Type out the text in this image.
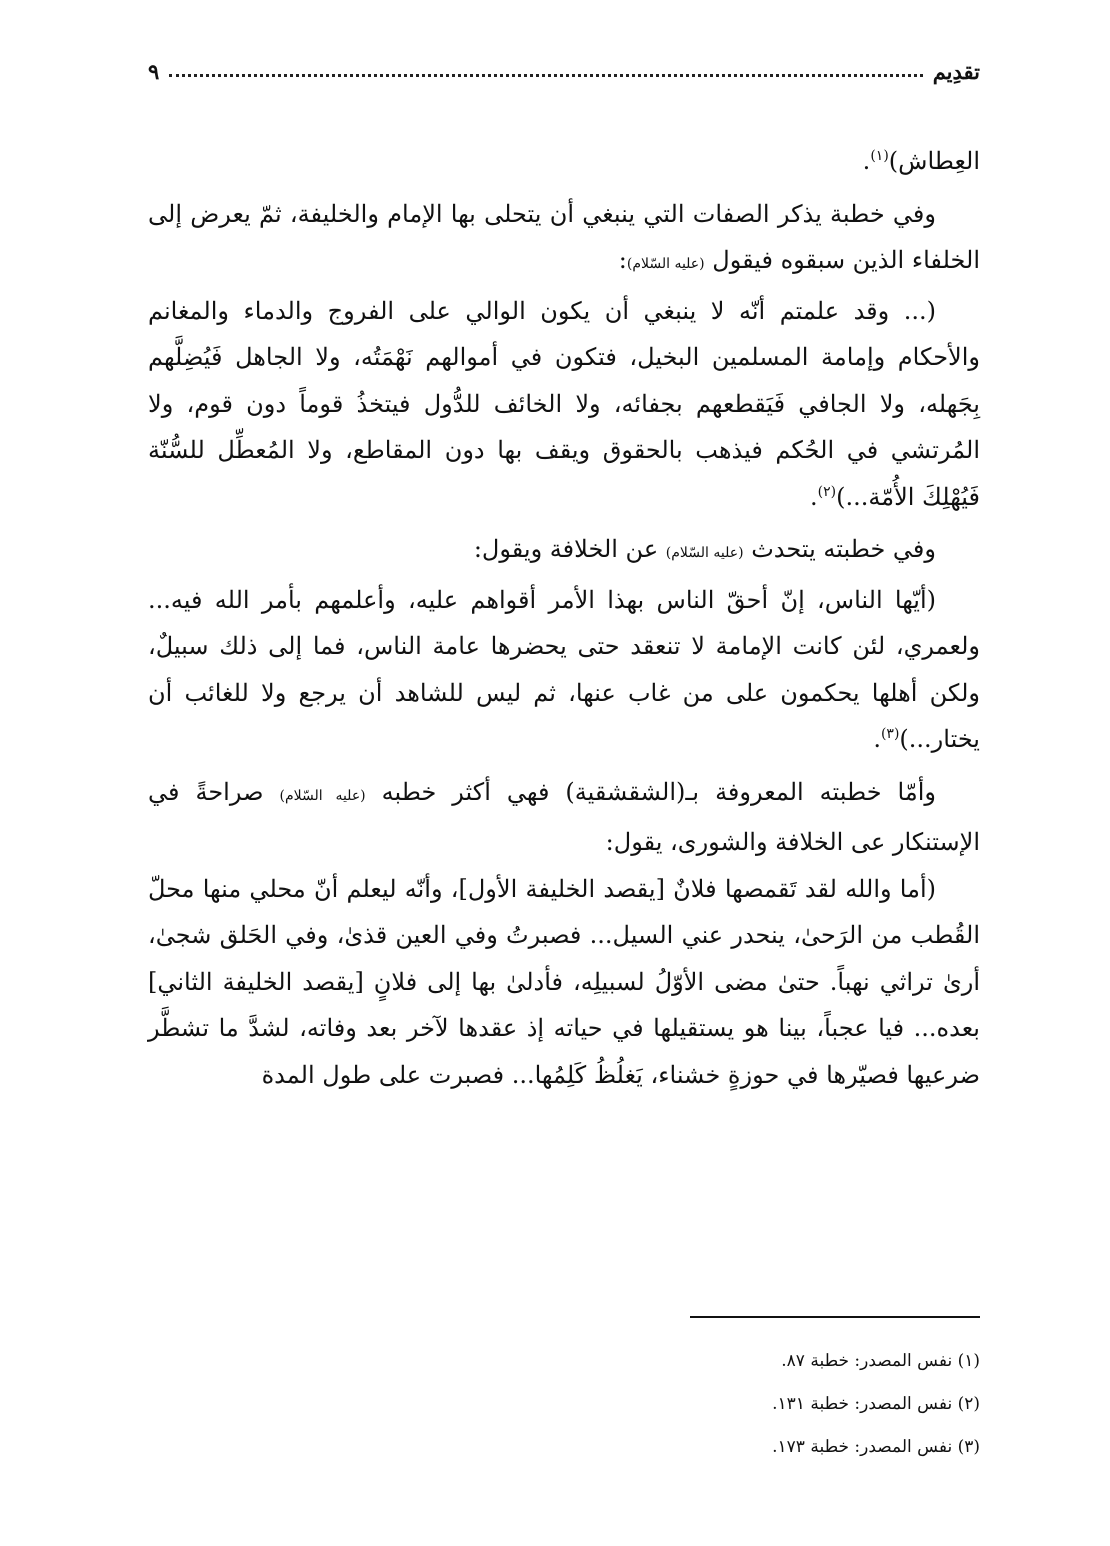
تقدِيم
٩

العِطاش)$^{(١)}$.

وفي خطبة يذكر الصفات التي ينبغي أن يتحلى بها الإمام والخليفة، ثمّ يعرض إلى الخلفاء الذين سبقوه فيقول (عليه السّلام):

(... وقد علمتم أنّه لا ينبغي أن يكون الوالي على الفروج والدماء والمغانم والأحكام وإمامة المسلمين البخيل، فتكون في أموالهم نَهْمَتُه، ولا الجاهل فَيُضِلَّهم بِجَهله، ولا الجافي فَيَقطعهم بجفائه، ولا الخائف للدُّول فيتخذُ قوماً دون قوم، ولا المُرتشي في الحُكم فيذهب بالحقوق ويقف بها دون المقاطع، ولا المُعطِّل للسُّنّة فَيُهْلِكَ الأُمّة...)$^{(٢)}$.

وفي خطبته يتحدث (عليه السّلام) عن الخلافة ويقول:

(أيّها الناس، إنّ أحقّ الناس بهذا الأمر أقواهم عليه، وأعلمهم بأمر الله فيه... ولعمري، لئن كانت الإمامة لا تنعقد حتى يحضرها عامة الناس، فما إلى ذلك سبيلٌ، ولكن أهلها يحكمون على من غاب عنها، ثم ليس للشاهد أن يرجع ولا للغائب أن يختار...)$^{(٣)}$.

وأمّا خطبته المعروفة بـ(الشقشقية) فهي أكثر خطبه (عليه السّلام) صراحةً في الإستنكار عى الخلافة والشورى، يقول:

(أما والله لقد تَقمصها فلانٌ [يقصد الخليفة الأول]، وأنّه ليعلم أنّ محلي منها محلّ القُطب من الرَحىٰ، ينحدر عني السيل... فصبرتُ وفي العين قذىٰ، وفي الحَلق شجىٰ، أرىٰ تراثي نهباً. حتىٰ مضى الأوّلُ لسبيلِه، فأدلىٰ بها إلى فلانٍ [يقصد الخليفة الثاني] بعده... فيا عجباً، بينا هو يستقيلها في حياته إذ عقدها لآخر بعد وفاته، لشدَّ ما تشطَّر ضرعيها فصيّرها في حوزةٍ خشناء، يَغلُظُ كَلِمُها... فصبرت على طول المدة

(١) نفس المصدر: خطبة ٨٧.
(٢) نفس المصدر: خطبة ١٣١.
(٣) نفس المصدر: خطبة ١٧٣.
